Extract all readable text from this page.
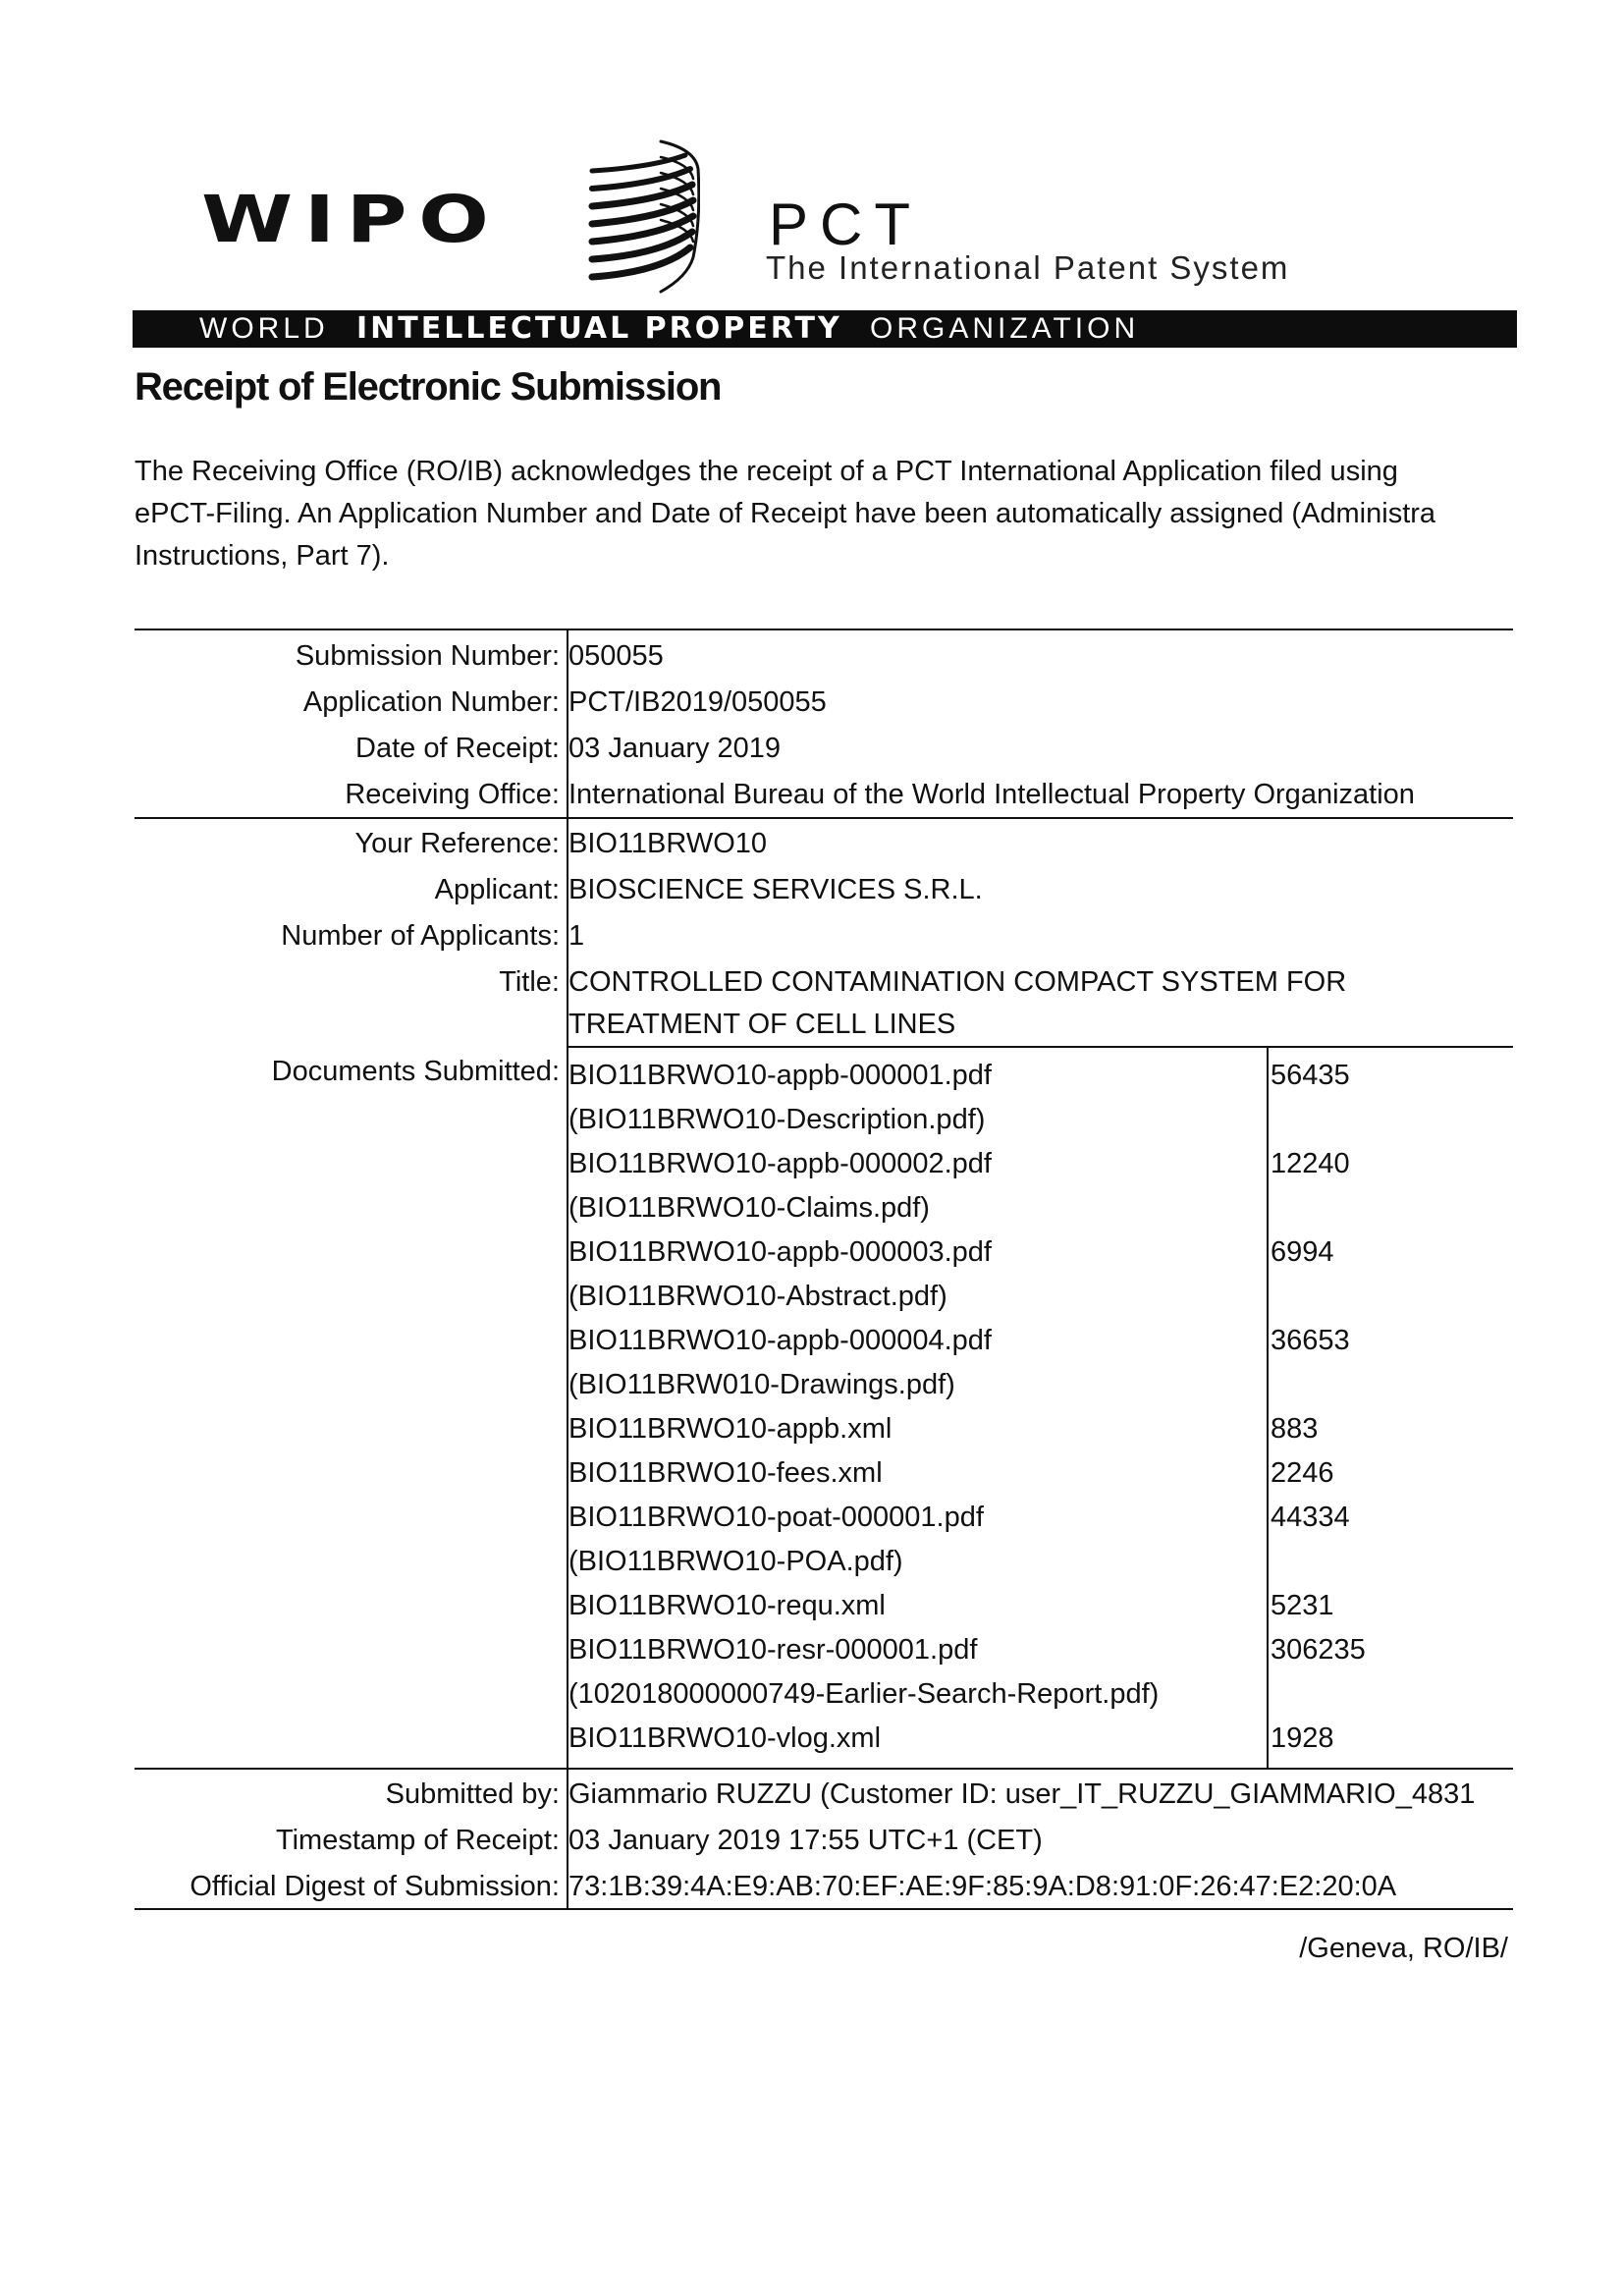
WIPO	PCT
The International Patent System
WORLD INTELLECTUAL PROPERTY ORGANIZATION
Receipt of Electronic Submission
The Receiving Office (RO/IB) acknowledges the receipt of a PCT International Application filed using
ePCT-Filing. An Application Number and Date of Receipt have been automatically assigned (Administra
Instructions, Part 7).
Submission Number: 050055
Application Number: PCT/IB2019/050055
Date of Receipt: 03 January 2019
Receiving Office: International Bureau of the World Intellectual Property Organization
Your Reference: BIO11BRWO10
Applicant: BIOSCIENCE SERVICES S.R.L.
Number of Applicants: 1
Title: CONTROLLED CONTAMINATION COMPACT SYSTEM FOR
TREATMENT OF CELL LINES
Documents Submitted: BIO11BRWO10-appb-000001.pdf	56435
(BIO11BRWO10-Description.pdf)
BIO11BRWO10-appb-000002.pdf	12240
(BIO11BRWO10-Claims.pdf)
BIO11BRWO10-appb-000003.pdf	6994
(BIO11BRWO10-Abstract.pdf)
BIO11BRWO10-appb-000004.pdf	36653
(BIO11BRW010-Drawings.pdf)
BIO11BRWO10-appb.xml	883
BIO11BRWO10-fees.xml	2246
BIO11BRWO10-poat-000001.pdf	44334
(BIO11BRWO10-POA.pdf)
BIO11BRWO10-requ.xml	5231
BIO11BRWO10-resr-000001.pdf	306235
(102018000000749-Earlier-Search-Report.pdf)
BIO11BRWO10-vlog.xml	1928
Submitted by: Giammario RUZZU (Customer ID: user_IT_RUZZU_GIAMMARIO_4831
Timestamp of Receipt: 03 January 2019 17:55 UTC+1 (CET)
Official Digest of Submission: 73:1B:39:4A:E9:AB:70:EF:AE:9F:85:9A:D8:91:0F:26:47:E2:20:0A
/Geneva, RO/IB/
